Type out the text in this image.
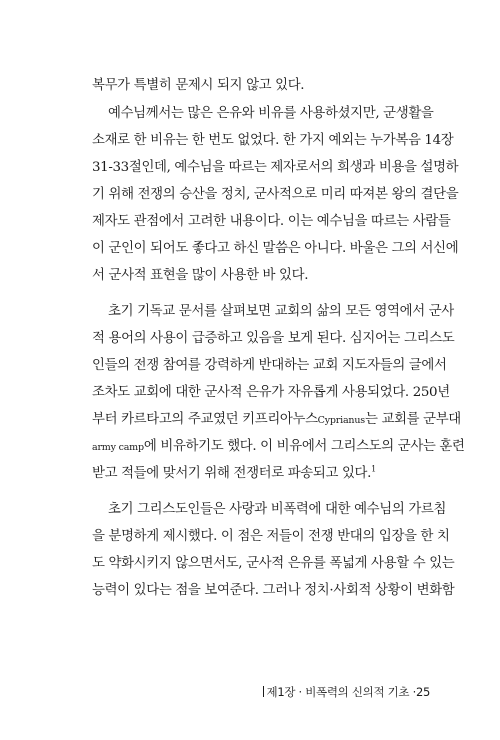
복무가 특별히 문제시 되지 않고 있다.
예수님께서는 많은 은유와 비유를 사용하셨지만, 군생활을
소재로 한 비유는 한 번도 없었다. 한 가지 예외는 누가복음 14장
31-33절인데, 예수님을 따르는 제자로서의 희생과 비용을 설명하
기 위해 전쟁의 승산을 정치, 군사적으로 미리 따져본 왕의 결단을
제자도 관점에서 고려한 내용이다. 이는 예수님을 따르는 사람들
이 군인이 되어도 좋다고 하신 말씀은 아니다. 바울은 그의 서신에
서 군사적 표현을 많이 사용한 바 있다.
초기 기독교 문서를 살펴보면 교회의 삶의 모든 영역에서 군사
적 용어의 사용이 급증하고 있음을 보게 된다. 심지어는 그리스도
인들의 전쟁 참여를 강력하게 반대하는 교회 지도자들의 글에서
조차도 교회에 대한 군사적 은유가 자유롭게 사용되었다. 250년
부터 카르타고의 주교였던 키프리아누스Cyprianus는 교회를 군부대
army camp에 비유하기도 했다. 이 비유에서 그리스도의 군사는 훈련
받고 적들에 맞서기 위해 전쟁터로 파송되고 있다.$^1$
초기 그리스도인들은 사랑과 비폭력에 대한 예수님의 가르침
을 분명하게 제시했다. 이 점은 저들이 전쟁 반대의 입장을 한 치
도 약화시키지 않으면서도, 군사적 은유를 폭넓게 사용할 수 있는
능력이 있다는 점을 보여준다. 그러나 정치·사회적 상황이 변화함
제1장 · 비폭력의 신의적 기초 ·25
